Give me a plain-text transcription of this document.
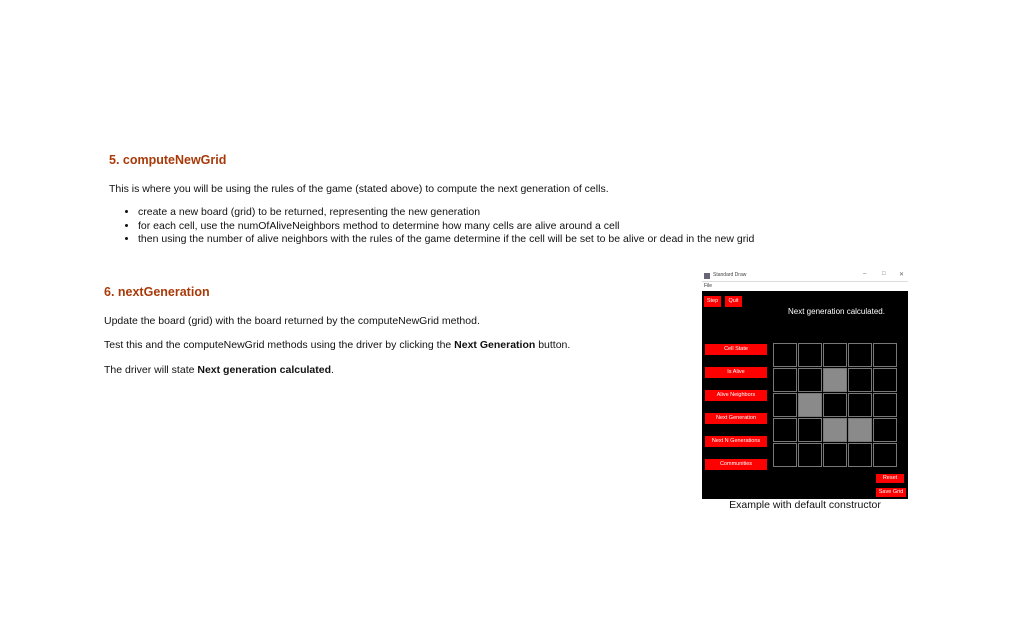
5. computeNewGrid

This is where you will be using the rules of the game (stated above) to compute the next generation of cells.

• create a new board (grid) to be returned, representing the new generation
• for each cell, use the numOfAliveNeighbors method to determine how many cells are alive around a cell
• then using the number of alive neighbors with the rules of the game determine if the cell will be set to be alive or dead in the new grid
6. nextGeneration

Update the board (grid) with the board returned by the computeNewGrid method.

Test this and the computeNewGrid methods using the driver by clicking the Next Generation button.

The driver will state Next generation calculated.

Standard Draw	–	□ ✕
File
Step	Quit
Next generation calculated.
Cell State
Is Alive
Alive Neighbors
Next Generation
Next N Generations
Communities
Reset
Save Grid
Example with default constructor
